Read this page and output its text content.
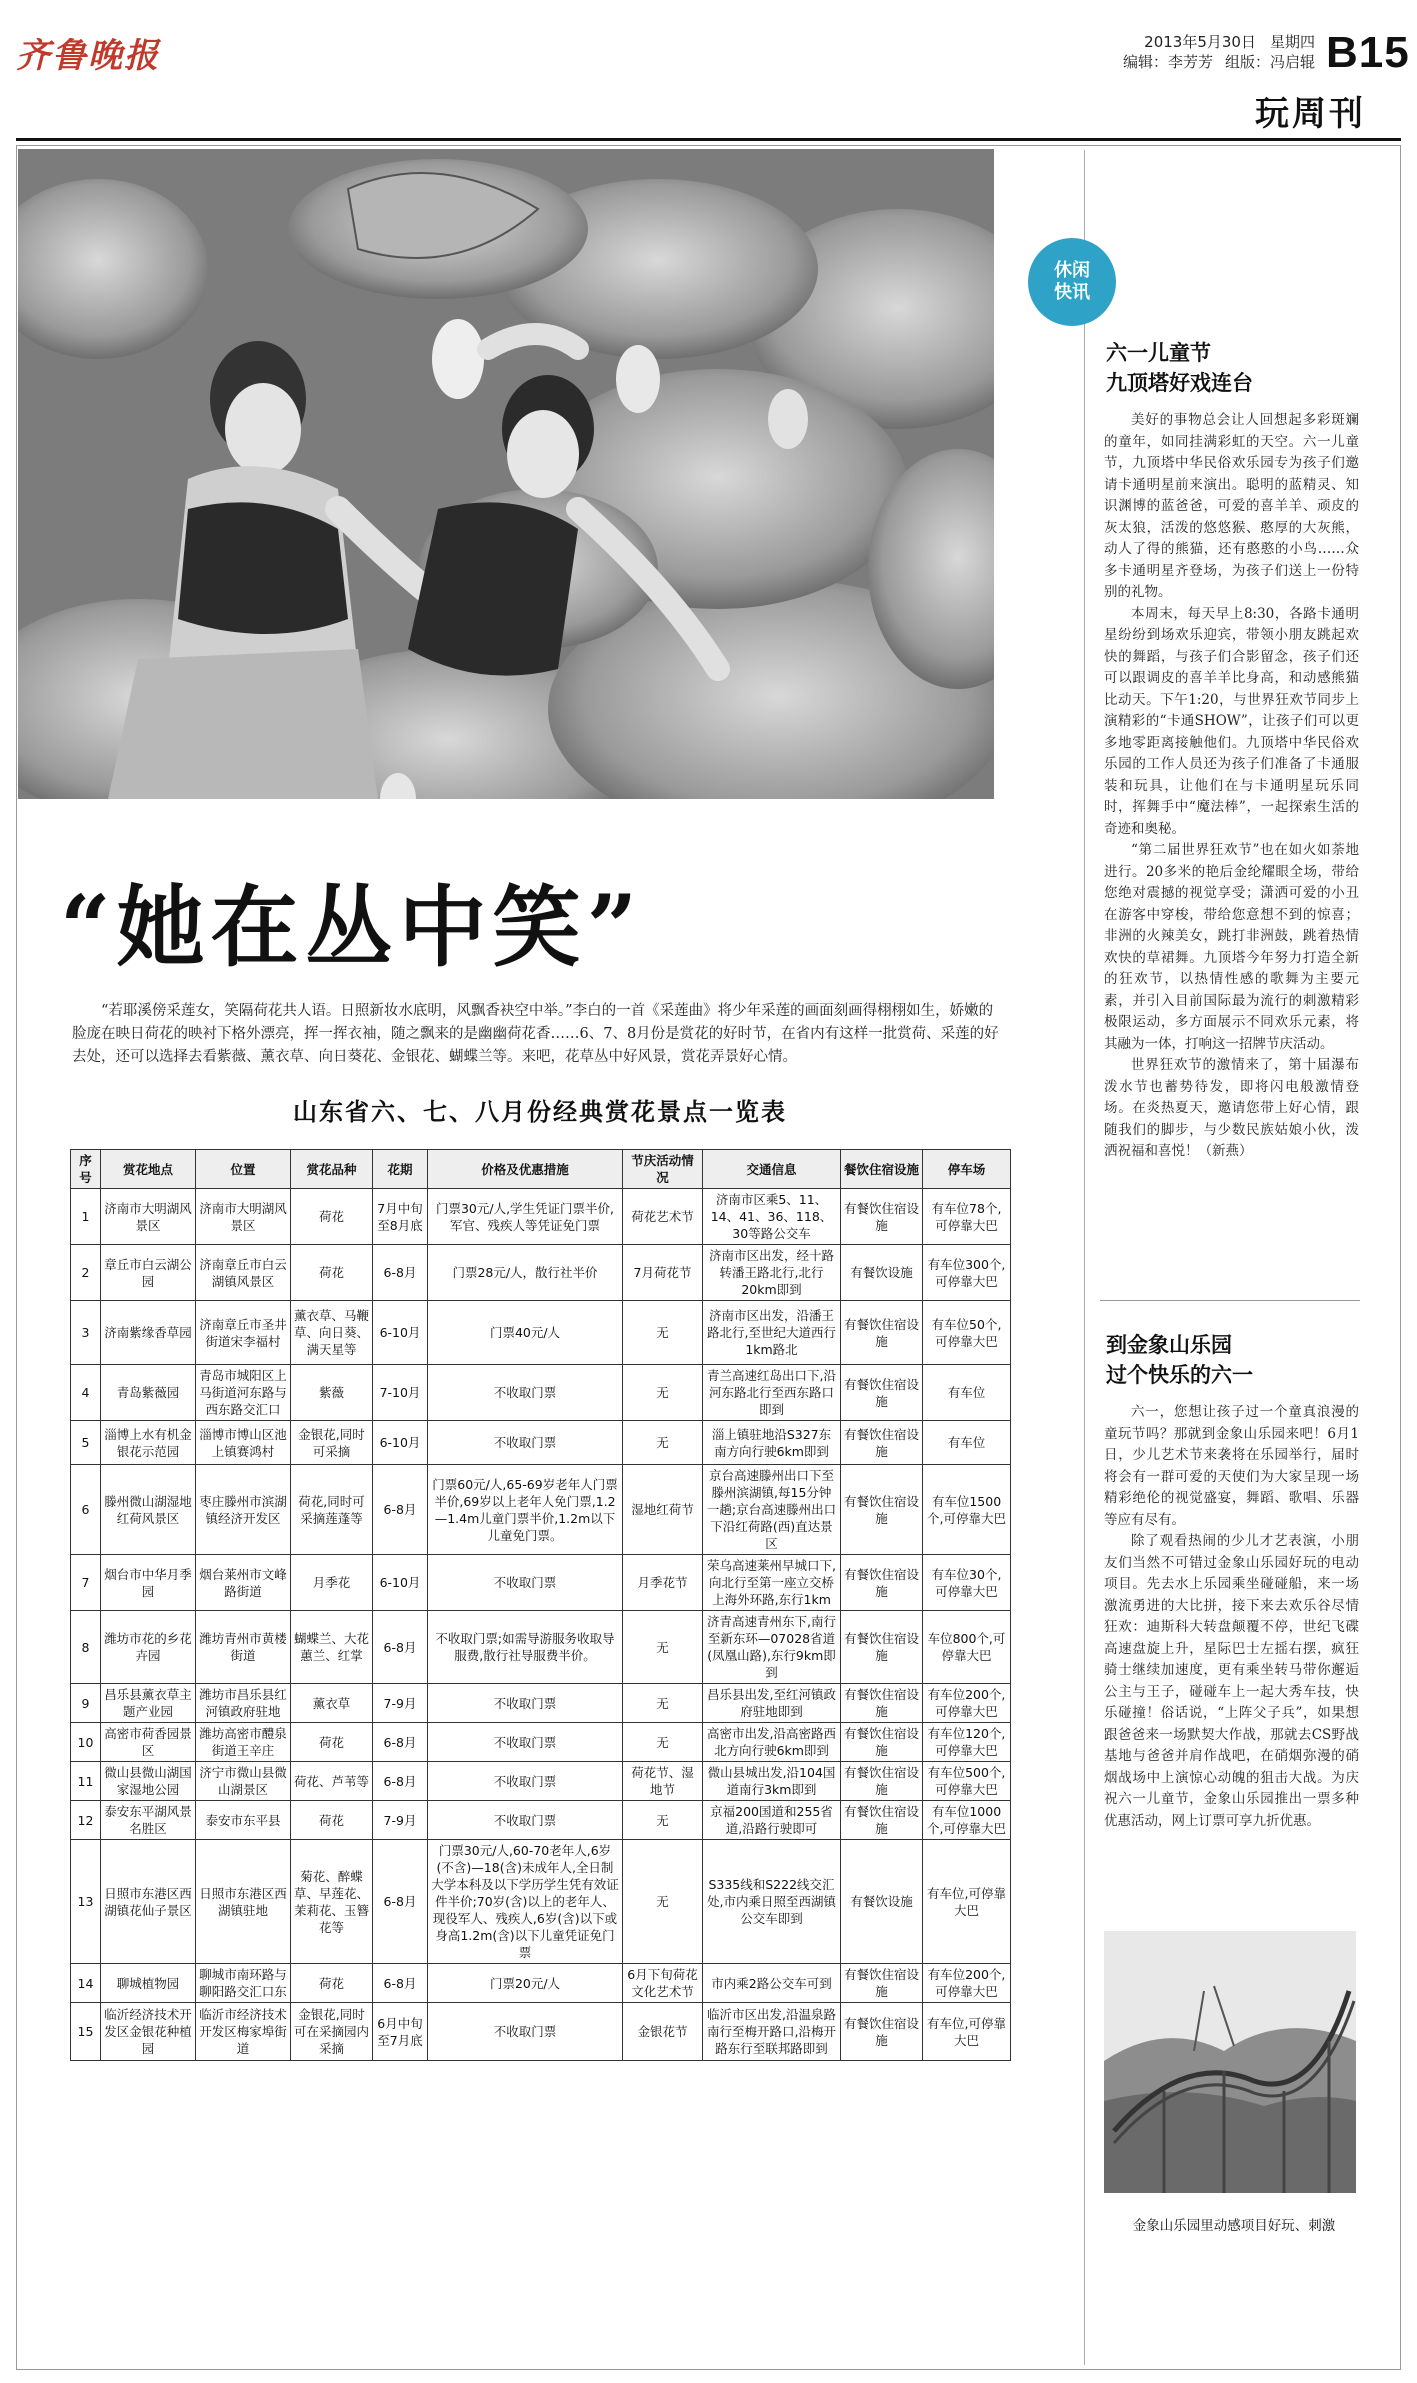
齐鲁晚报	2013年5月30日 星期四
编辑：李芳芳 组版：冯启辊 B15
玩周刊
“她在丛中笑”
“若耶溪傍采莲女，笑隔荷花共人语。日照新妆水底明，风飘香袂空中举。”李白的一首《采莲曲》将少年采莲的画面刻画得栩栩如生，娇嫩的脸庞在映日荷花的映衬下格外漂亮，挥一挥衣袖，随之飘来的是幽幽荷花香……6、7、8月份是赏花的好时节，在省内有这样一批赏荷、采莲的好去处，还可以选择去看紫薇、薰衣草、向日葵花、金银花、蝴蝶兰等。来吧，花草丛中好风景，赏花弄景好心情。
山东省六、七、八月份经典赏花景点一览表
序号	赏花地点	位置	赏花品种	花期	价格及优惠措施	节庆活动情况	交通信息	餐饮住宿设施	停车场
1	济南市大明湖风景区	济南市大明湖风景区	荷花	7月中旬至8月底	门票30元/人,学生凭证门票半价,军官、残疾人等凭证免门票	荷花艺术节	济南市区乘5、11、14、41、36、118、30等路公交车	有餐饮住宿设施	有车位78个,可停靠大巴
2	章丘市白云湖公园	济南章丘市白云湖镇风景区	荷花	6-8月	门票28元/人，散行社半价	7月荷花节	济南市区出发，经十路转潘王路北行,北行20km即到	有餐饮设施	有车位300个,可停靠大巴
3	济南紫缘香草园	济南章丘市圣井街道宋李福村	薰衣草、马鞭草、向日葵、满天星等	6-10月	门票40元/人	无	济南市区出发，沿潘王路北行,至世纪大道西行1km路北	有餐饮住宿设施	有车位50个,可停靠大巴
4	青岛紫薇园	青岛市城阳区上马街道河东路与西东路交汇口	紫薇	7-10月	不收取门票	无	青兰高速红岛出口下,沿河东路北行至西东路口即到	有餐饮住宿设施	有车位
5	淄博上水有机金银花示范园	淄博市博山区池上镇赛鸿村	金银花,同时可采摘	6-10月	不收取门票	无	淄上镇驻地沿S327东南方向行驶6km即到	有餐饮住宿设施	有车位
6	滕州微山湖湿地红荷风景区	枣庄滕州市滨湖镇经济开发区	荷花,同时可采摘莲蓬等	6-8月	门票60元/人,65-69岁老年人门票半价,69岁以上老年人免门票,1.2—1.4m儿童门票半价,1.2m以下儿童免门票。	湿地红荷节	京台高速滕州出口下至滕州滨湖镇,每15分钟一趟;京台高速滕州出口下沿红荷路(西)直达景区	有餐饮住宿设施	有车位1500个,可停靠大巴
7	烟台市中华月季园	烟台莱州市文峰路街道	月季花	6-10月	不收取门票	月季花节	荣乌高速莱州早城口下,向北行至第一座立交桥上海外环路,东行1km	有餐饮住宿设施	有车位30个,可停靠大巴
8	潍坊市花的乡花卉园	潍坊青州市黄楼街道	蝴蝶兰、大花蕙兰、红掌	6-8月	不收取门票;如需导游服务收取导服费,散行社导服费半价。	无	济青高速青州东下,南行至新东环—07028省道(凤凰山路),东行9km即到	有餐饮住宿设施	车位800个,可停靠大巴
9	昌乐县薰衣草主题产业园	潍坊市昌乐县红河镇政府驻地	薰衣草	7-9月	不收取门票	无	昌乐县出发,至红河镇政府驻地即到	有餐饮住宿设施	有车位200个,可停靠大巴
10	高密市荷香园景区	潍坊高密市醴泉街道王辛庄	荷花	6-8月	不收取门票	无	高密市出发,沿高密路西北方向行驶6km即到	有餐饮住宿设施	有车位120个,可停靠大巴
11	微山县微山湖国家湿地公园	济宁市微山县微山湖景区	荷花、芦苇等	6-8月	不收取门票	荷花节、湿地节	微山县城出发,沿104国道南行3km即到	有餐饮住宿设施	有车位500个,可停靠大巴
12	泰安东平湖风景名胜区	泰安市东平县	荷花	7-9月	不收取门票	无	京福200国道和255省道,沿路行驶即可	有餐饮住宿设施	有车位1000个,可停靠大巴
13	日照市东港区西湖镇花仙子景区	日照市东港区西湖镇驻地	菊花、醉蝶草、早莲花、茉莉花、玉簪花等	6-8月	门票30元/人,60-70老年人,6岁(不含)—18(含)未成年人,全日制大学本科及以下学历学生凭有效证件半价;70岁(含)以上的老年人、现役军人、残疾人,6岁(含)以下或身高1.2m(含)以下儿童凭证免门票	无	S335线和S222线交汇处,市内乘日照至西湖镇公交车即到	有餐饮设施	有车位,可停靠大巴
14	聊城植物园	聊城市南环路与聊阳路交汇口东	荷花	6-8月	门票20元/人	6月下旬荷花文化艺术节	市内乘2路公交车可到	有餐饮住宿设施	有车位200个,可停靠大巴
15	临沂经济技术开发区金银花种植园	临沂市经济技术开发区梅家埠街道	金银花,同时可在采摘园内采摘	6月中旬至7月底	不收取门票	金银花节	临沂市区出发,沿温泉路南行至梅开路口,沿梅开路东行至联邦路即到	有餐饮住宿设施	有车位,可停靠大巴
休闲
快讯
六一儿童节
九顶塔好戏连台

美好的事物总会让人回想起多彩斑斓的童年，如同挂满彩虹的天空。六一儿童节，九顶塔中华民俗欢乐园专为孩子们邀请卡通明星前来演出。聪明的蓝精灵、知识渊博的蓝爸爸，可爱的喜羊羊、顽皮的灰太狼，活泼的悠悠猴、憨厚的大灰熊，动人了得的熊猫，还有憨憨的小鸟……众多卡通明星齐登场，为孩子们送上一份特别的礼物。

本周末，每天早上8:30，各路卡通明星纷纷到场欢乐迎宾，带领小朋友跳起欢快的舞蹈，与孩子们合影留念，孩子们还可以跟调皮的喜羊羊比身高，和动感熊猫比动天。下午1:20，与世界狂欢节同步上演精彩的“卡通SHOW”，让孩子们可以更多地零距离接触他们。九顶塔中华民俗欢乐园的工作人员还为孩子们准备了卡通服装和玩具，让他们在与卡通明星玩乐同时，挥舞手中“魔法棒”，一起探索生活的奇迹和奥秘。

“第二届世界狂欢节”也在如火如荼地进行。20多米的艳后金纶耀眼全场，带给您绝对震撼的视觉享受；潇洒可爱的小丑在游客中穿梭，带给您意想不到的惊喜；非洲的火辣美女，跳打非洲鼓，跳着热情欢快的草裙舞。九顶塔今年努力打造全新的狂欢节，以热情性感的歌舞为主要元素，并引入目前国际最为流行的刺激精彩极限运动，多方面展示不同欢乐元素，将其融为一体，打响这一招牌节庆活动。

世界狂欢节的激情来了，第十届瀑布泼水节也蓄势待发，即将闪电般激情登场。在炎热夏天，邀请您带上好心情，跟随我们的脚步，与少数民族姑娘小伙，泼洒祝福和喜悦！（新燕）

到金象山乐园
过个快乐的六一

六一，您想让孩子过一个童真浪漫的童玩节吗？那就到金象山乐园来吧！6月1日，少儿艺术节来袭将在乐园举行，届时将会有一群可爱的天使们为大家呈现一场精彩绝伦的视觉盛宴，舞蹈、歌唱、乐器等应有尽有。

除了观看热闹的少儿才艺表演，小朋友们当然不可错过金象山乐园好玩的电动项目。先去水上乐园乘坐碰碰船，来一场激流勇进的大比拼，接下来去欢乐谷尽情狂欢：迪斯科大转盘颠覆不停，世纪飞碟高速盘旋上升，星际巴士左摇右摆，疯狂骑士继续加速度，更有乘坐转马带你邂逅公主与王子，碰碰车上一起大秀车技，快乐碰撞！俗话说，“上阵父子兵”，如果想跟爸爸来一场默契大作战，那就去CS野战基地与爸爸并肩作战吧，在硝烟弥漫的硝烟战场中上演惊心动魄的狙击大战。为庆祝六一儿童节，金象山乐园推出一票多种优惠活动，网上订票可享九折优惠。

金象山乐园里动感项目好玩、刺激
